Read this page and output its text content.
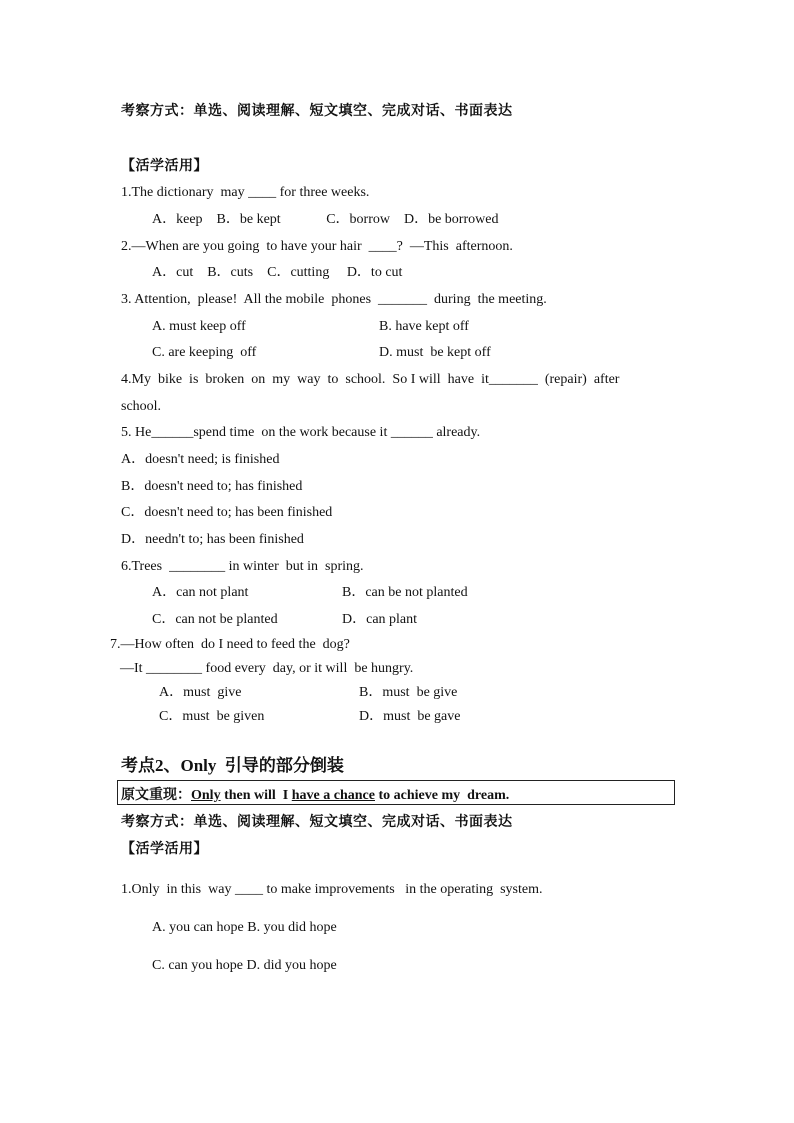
考察方式：单选、阅读理解、短文填空、完成对话、书面表达
【活学活用】
1.The dictionary  may ____ for three weeks.
A．keep    B．be kept             C．borrow    D．be borrowed
2.—When are you going  to have your hair  ____?  —This  afternoon.
A．cut    B．cuts    C．cutting     D．to cut
3. Attention,  please!  All the mobile  phones  _______  during  the meeting.
A. must keep off	B. have kept off
C. are keeping  off	D. must  be kept off
4.My  bike  is  broken  on  my  way  to  school.  So I will  have  it_______  (repair)  after
school.
5. He______spend time  on the work because it ______ already.
A．doesn't need; is finished
B．doesn't need to; has finished
C．doesn't need to; has been finished
D．needn't to; has been finished
6.Trees  ________ in winter  but in  spring.
A．can not plant	B．can be not planted
C．can not be planted	D．can plant
7.—How often  do I need to feed the  dog?
—It ________ food every  day, or it will  be hungry.
A．must  give	B．must  be give
C．must  be given	D．must  be gave
考点2、Only  引导的部分倒装
原文重现：Only then will  I have a chance to achieve my  dream.
考察方式：单选、阅读理解、短文填空、完成对话、书面表达
【活学活用】
1.Only  in this  way ____ to make improvements   in the operating  system.
A. you can hope B. you did hope
C. can you hope D. did you hope
